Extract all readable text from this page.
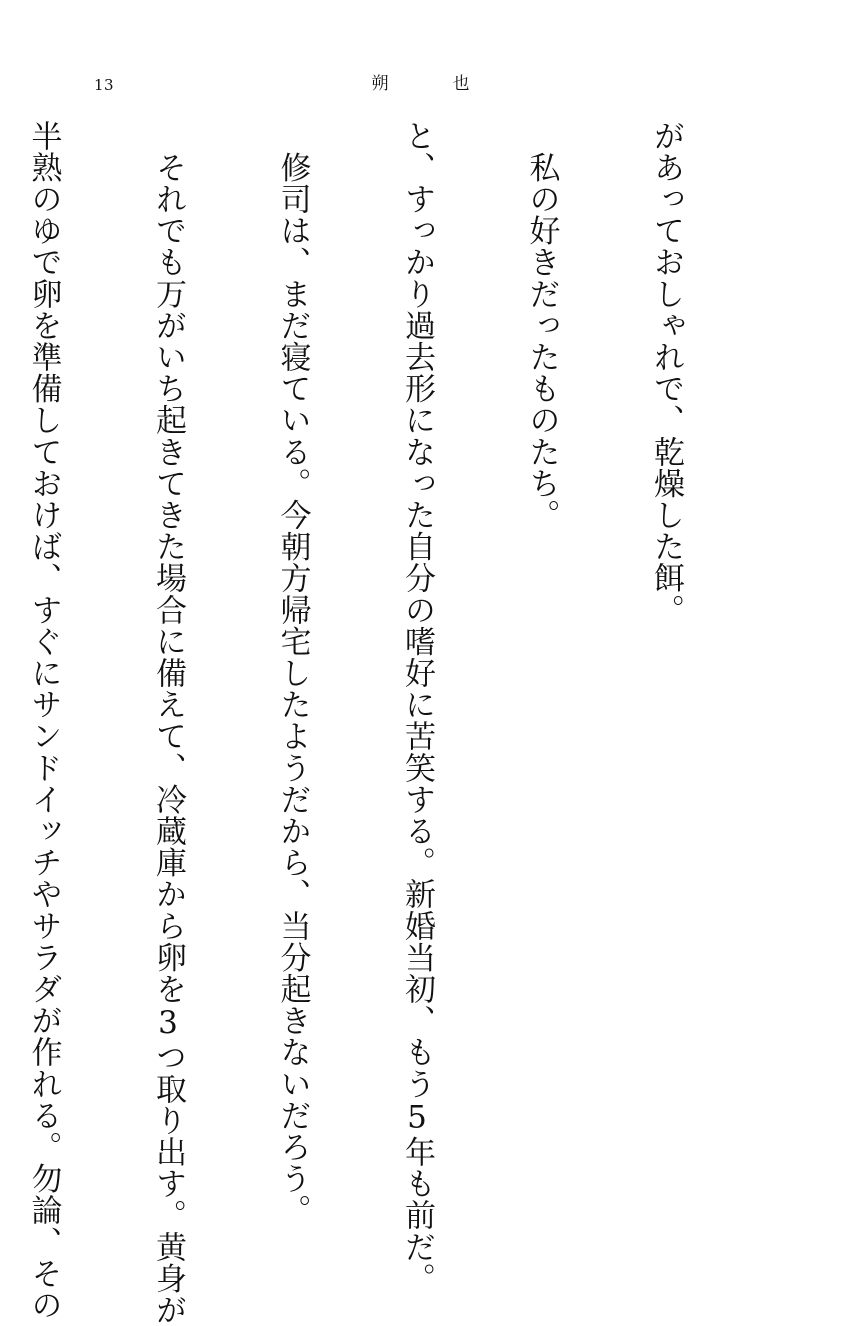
13	朔	也

があっておしゃれで、乾燥した餌。

　私の好きだったものたち。

と、すっかり過去形になった自分の嗜好に苦笑する。新婚当初、もう5年も前だ。

　修司は、まだ寝ている。今朝方帰宅したようだから、当分起きないだろう。

　それでも万がいち起きてきた場合に備えて、冷蔵庫から卵を3つ取り出す。黄身が

半熟のゆで卵を準備しておけば、すぐにサンドイッチやサラダが作れる。勿論、その
